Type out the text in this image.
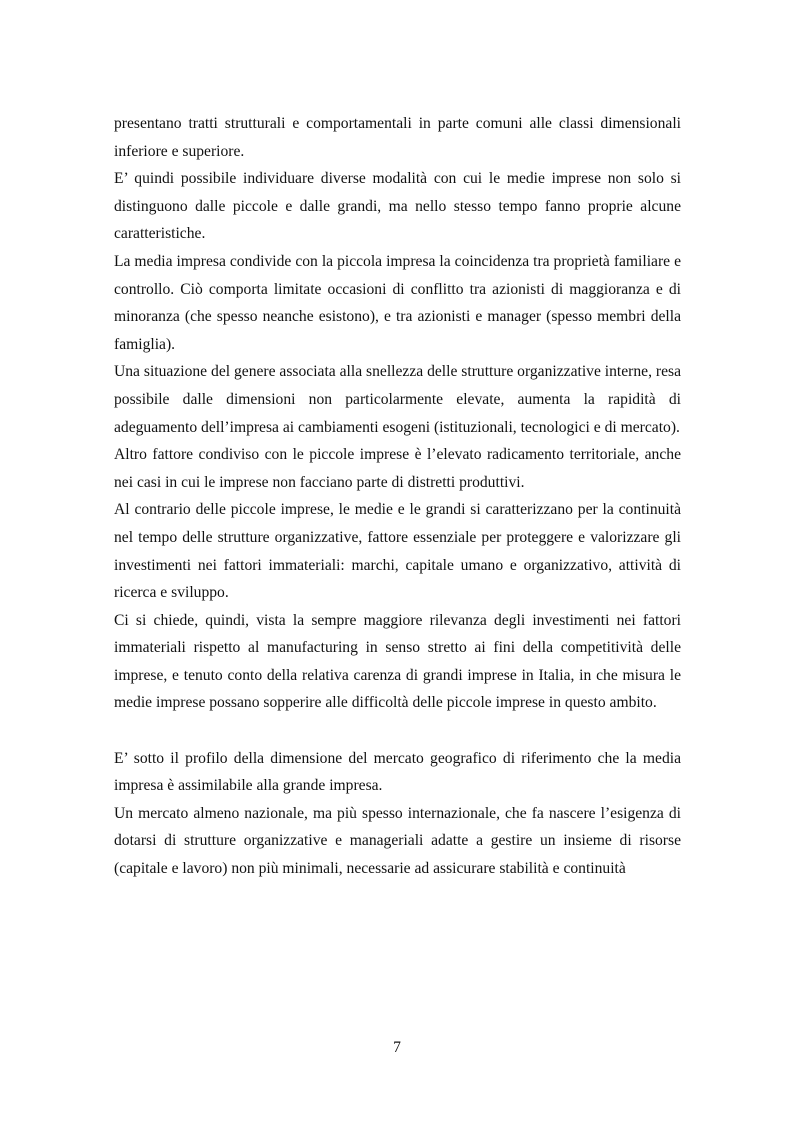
presentano tratti strutturali e comportamentali in parte comuni alle classi dimensionali inferiore e superiore.

E’ quindi possibile individuare diverse modalità con cui le medie imprese non solo si distinguono dalle piccole e dalle grandi, ma nello stesso tempo fanno proprie alcune caratteristiche.

La media impresa condivide con la piccola impresa la coincidenza tra proprietà familiare e controllo. Ciò comporta limitate occasioni di conflitto tra azionisti di maggioranza e di minoranza (che spesso neanche esistono), e tra azionisti e manager (spesso membri della famiglia).

Una situazione del genere associata alla snellezza delle strutture organizzative interne, resa possibile dalle dimensioni non particolarmente elevate, aumenta la rapidità di adeguamento dell’impresa ai cambiamenti esogeni (istituzionali, tecnologici e di mercato).

Altro fattore condiviso con le piccole imprese è l’elevato radicamento territoriale, anche nei casi in cui le imprese non facciano parte di distretti produttivi.

Al contrario delle piccole imprese, le medie e le grandi si caratterizzano per la continuità nel tempo delle strutture organizzative, fattore essenziale per proteggere e valorizzare gli investimenti nei fattori immateriali: marchi, capitale umano e organizzativo, attività di ricerca e sviluppo.

Ci si chiede, quindi, vista la sempre maggiore rilevanza degli investimenti nei fattori immateriali rispetto al manufacturing in senso stretto ai fini della competitività delle imprese, e tenuto conto della relativa carenza di grandi imprese in Italia, in che misura le medie imprese possano sopperire alle difficoltà delle piccole imprese in questo ambito.

E’ sotto il profilo della dimensione del mercato geografico di riferimento che la media impresa è assimilabile alla grande impresa.

Un mercato almeno nazionale, ma più spesso internazionale, che fa nascere l’esigenza di dotarsi di strutture organizzative e manageriali adatte a gestire un insieme di risorse (capitale e lavoro) non più minimali, necessarie ad assicurare stabilità e continuità

7
